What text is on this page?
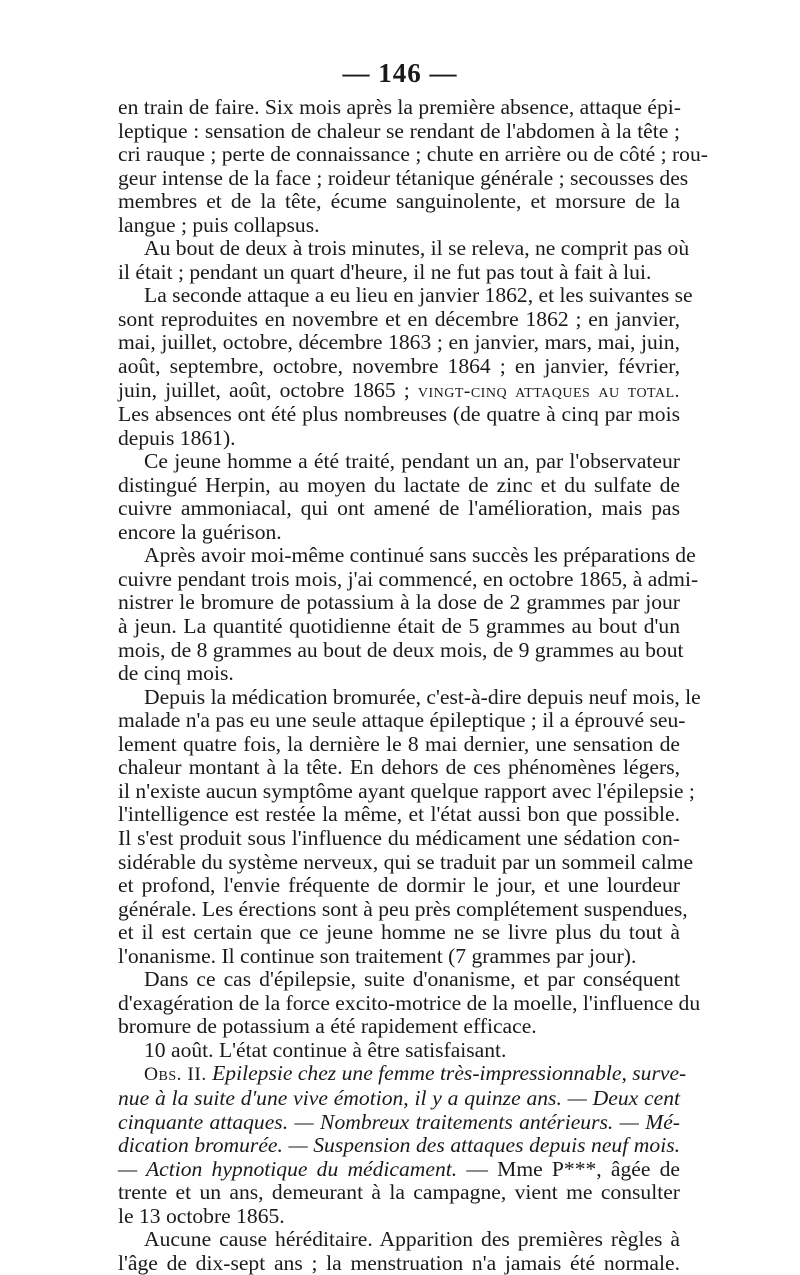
— 146 —
en train de faire. Six mois après la première absence, attaque épi-
leptique : sensation de chaleur se rendant de l'abdomen à la tête ;
cri rauque ; perte de connaissance ; chute en arrière ou de côté ; rou-
geur intense de la face ; roideur tétanique générale ; secousses des
membres et de la tête, écume sanguinolente, et morsure de la
langue ; puis collapsus.
Au bout de deux à trois minutes, il se releva, ne comprit pas où
il était ; pendant un quart d'heure, il ne fut pas tout à fait à lui.
La seconde attaque a eu lieu en janvier 1862, et les suivantes se
sont reproduites en novembre et en décembre 1862 ; en janvier,
mai, juillet, octobre, décembre 1863 ; en janvier, mars, mai, juin,
août, septembre, octobre, novembre 1864 ; en janvier, février,
juin, juillet, août, octobre 1865 ; vingt-cinq attaques au total.
Les absences ont été plus nombreuses (de quatre à cinq par mois
depuis 1861).
Ce jeune homme a été traité, pendant un an, par l'observateur
distingué Herpin, au moyen du lactate de zinc et du sulfate de
cuivre ammoniacal, qui ont amené de l'amélioration, mais pas
encore la guérison.
Après avoir moi-même continué sans succès les préparations de
cuivre pendant trois mois, j'ai commencé, en octobre 1865, à admi-
nistrer le bromure de potassium à la dose de 2 grammes par jour
à jeun. La quantité quotidienne était de 5 grammes au bout d'un
mois, de 8 grammes au bout de deux mois, de 9 grammes au bout
de cinq mois.
Depuis la médication bromurée, c'est-à-dire depuis neuf mois, le
malade n'a pas eu une seule attaque épileptique ; il a éprouvé seu-
lement quatre fois, la dernière le 8 mai dernier, une sensation de
chaleur montant à la tête. En dehors de ces phénomènes légers,
il n'existe aucun symptôme ayant quelque rapport avec l'épilepsie ;
l'intelligence est restée la même, et l'état aussi bon que possible.
Il s'est produit sous l'influence du médicament une sédation con-
sidérable du système nerveux, qui se traduit par un sommeil calme
et profond, l'envie fréquente de dormir le jour, et une lourdeur
générale. Les érections sont à peu près complétement suspendues,
et il est certain que ce jeune homme ne se livre plus du tout à
l'onanisme. Il continue son traitement (7 grammes par jour).
Dans ce cas d'épilepsie, suite d'onanisme, et par conséquent
d'exagération de la force excito-motrice de la moelle, l'influence du
bromure de potassium a été rapidement efficace.
10 août. L'état continue à être satisfaisant.
Obs. II. Epilepsie chez une femme très-impressionnable, surve-
nue à la suite d'une vive émotion, il y a quinze ans. — Deux cent
cinquante attaques. — Nombreux traitements antérieurs. — Mé-
dication bromurée. — Suspension des attaques depuis neuf mois.
— Action hypnotique du médicament. — Mme P***, âgée de
trente et un ans, demeurant à la campagne, vient me consulter
le 13 octobre 1865.
Aucune cause héréditaire. Apparition des premières règles à
l'âge de dix-sept ans ; la menstruation n'a jamais été normale.
